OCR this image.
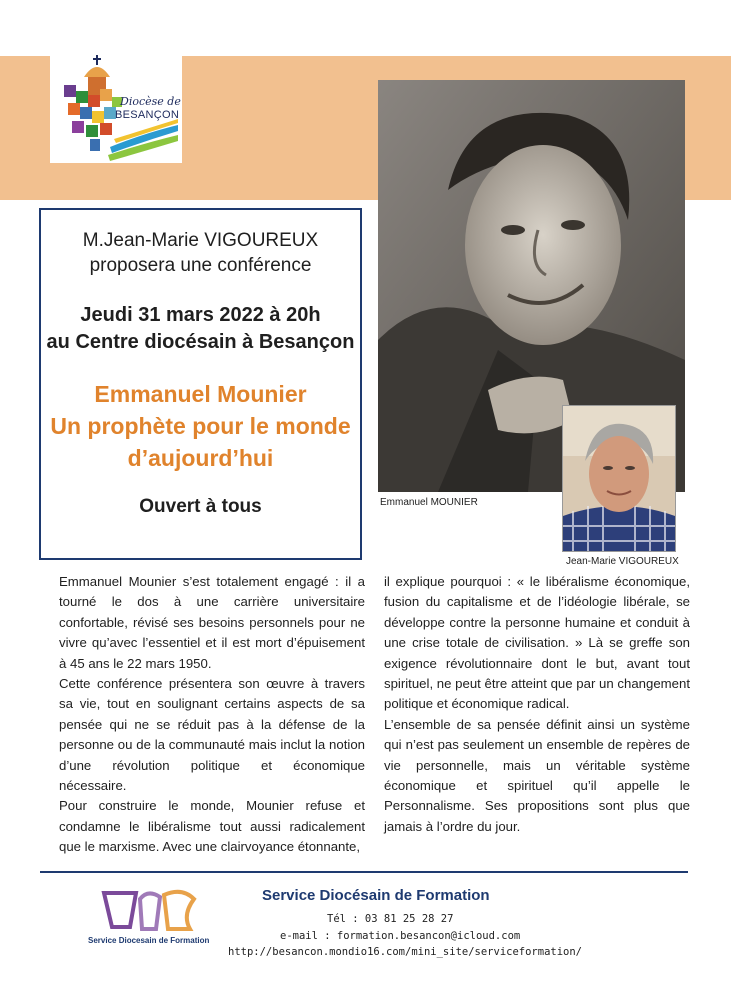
Diocèse de
BESANÇON
Emmanuel MOUNIER
Jean-Marie VIGOUREUX
M.Jean-Marie VIGOUREUX
proposera une conférence
Jeudi 31 mars 2022 à 20h
au Centre diocésain à Besançon
Emmanuel Mounier
Un prophète pour le monde
d’aujourd’hui
Ouvert à tous

Emmanuel Mounier s’est totalement engagé : il a tourné le dos à une carrière universitaire confortable, révisé ses besoins personnels pour ne vivre qu’avec l’essentiel et il est mort d’épuisement à 45 ans le 22 mars 1950.

Cette conférence présentera son œuvre à travers sa vie, tout en soulignant certains aspects de sa pensée qui ne se réduit pas à la défense de la personne ou de la communauté mais inclut la notion d’une révolution politique et économique nécessaire.

Pour construire le monde, Mounier refuse et condamne le libéralisme tout aussi radicalement que le marxisme. Avec une clairvoyance étonnante,

il explique pourquoi : « le libéralisme économique, fusion du capitalisme et de l’idéologie libérale, se développe contre la personne humaine et conduit à une crise totale de civilisation. » Là se greffe son exigence révolutionnaire dont le but, avant tout spirituel, ne peut être atteint que par un changement politique et économique radical.

L’ensemble de sa pensée définit ainsi un système qui n’est pas seulement un ensemble de repères de vie personnelle, mais un véritable système économique et spirituel qu’il appelle le Personnalisme. Ses propositions sont plus que jamais à l’ordre du jour.

Service Diocesain de Formation
Service Diocésain de Formation
Tél : 03 81 25 28 27
e-mail : formation.besancon@icloud.com
http://besancon.mondio16.com/mini_site/serviceformation/
